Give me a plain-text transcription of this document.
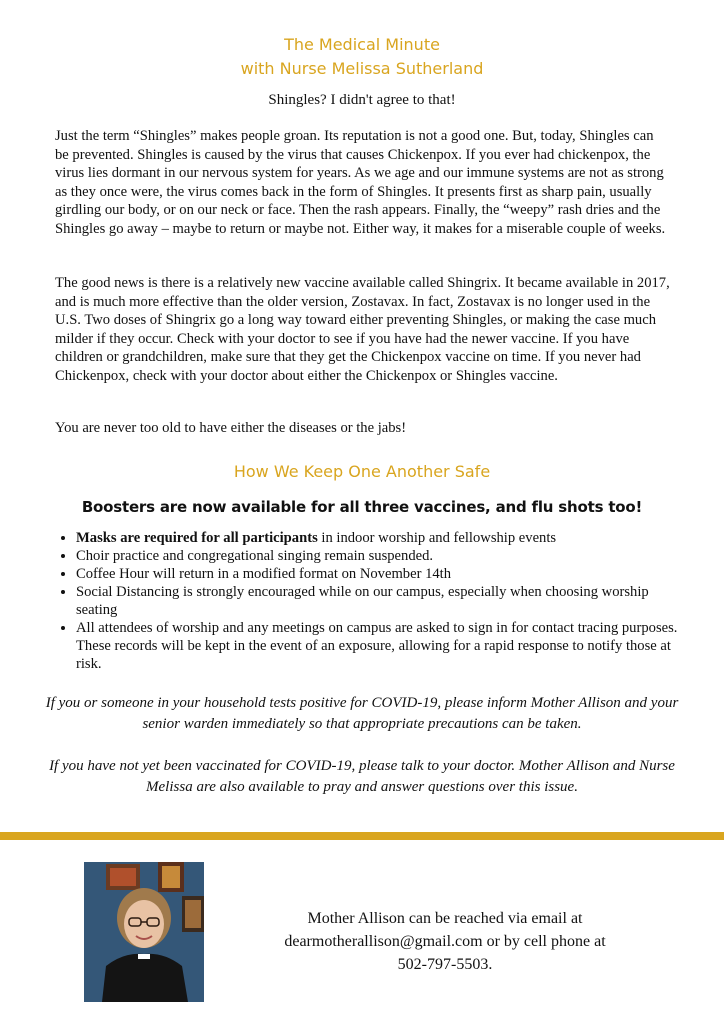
The Medical Minute
with Nurse Melissa Sutherland
Shingles? I didn't agree to that!

Just the term “Shingles” makes people groan. Its reputation is not a good one. But, today, Shingles can be prevented. Shingles is caused by the virus that causes Chickenpox. If you ever had chickenpox, the virus lies dormant in our nervous system for years. As we age and our immune systems are not as strong as they once were, the virus comes back in the form of Shingles. It presents first as sharp pain, usually girdling our body, or on our neck or face. Then the rash appears. Finally, the “weepy” rash dries and the Shingles go away – maybe to return or maybe not. Either way, it makes for a miserable couple of weeks.

The good news is there is a relatively new vaccine available called Shingrix. It became available in 2017, and is much more effective than the older version, Zostavax. In fact, Zostavax is no longer used in the U.S. Two doses of Shingrix go a long way toward either preventing Shingles, or making the case much milder if they occur. Check with your doctor to see if you have had the newer vaccine. If you have children or grandchildren, make sure that they get the Chickenpox vaccine on time. If you never had Chickenpox, check with your doctor about either the Chickenpox or Shingles vaccine.

You are never too old to have either the diseases or the jabs!

How We Keep One Another Safe
Boosters are now available for all three vaccines, and flu shots too!
• Masks are required for all participants in indoor worship and fellowship events
• Choir practice and congregational singing remain suspended.
• Coffee Hour will return in a modified format on November 14th
• Social Distancing is strongly encouraged while on our campus, especially when choosing worship seating
• All attendees of worship and any meetings on campus are asked to sign in for contact tracing purposes. These records will be kept in the event of an exposure, allowing for a rapid response to notify those at risk.

If you or someone in your household tests positive for COVID-19, please inform Mother Allison and your senior warden immediately so that appropriate precautions can be taken.

If you have not yet been vaccinated for COVID-19, please talk to your doctor. Mother Allison and Nurse Melissa are also available to pray and answer questions over this issue.

Mother Allison can be reached via email at
dearmotherallison@gmail.com or by cell phone at
502-797-5503.
